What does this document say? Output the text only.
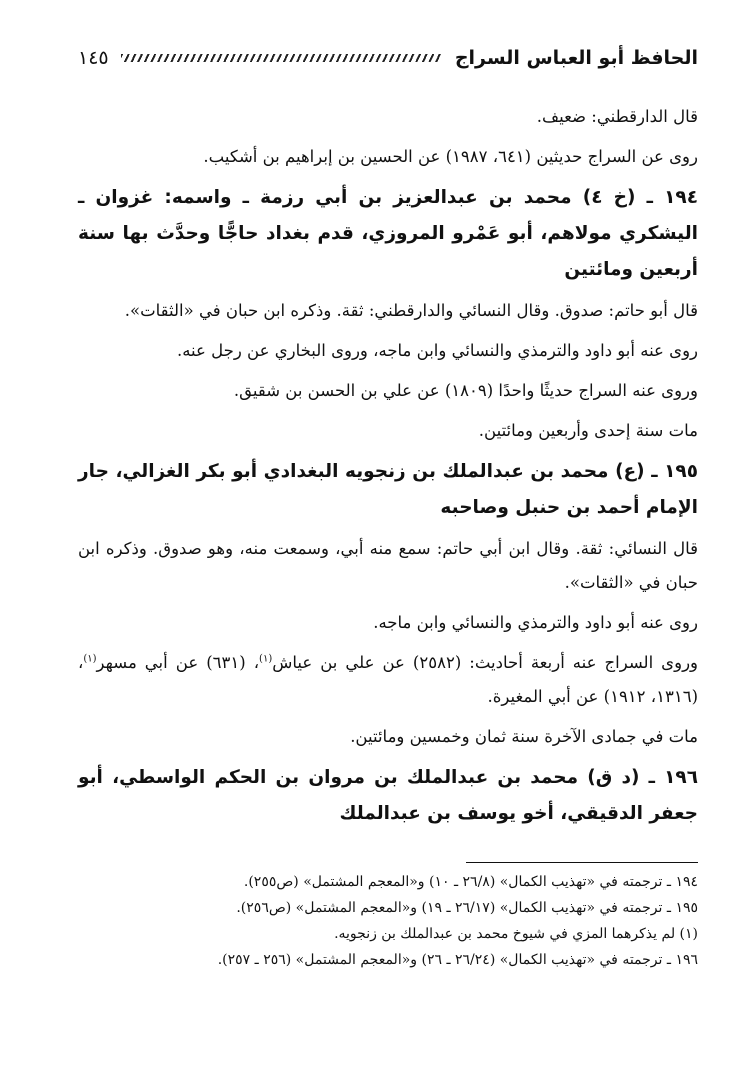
الحافظ أبو العباس السراج
١٤٥

قال الدارقطني: ضعيف.

روى عن السراج حديثين (٦٤١، ١٩٨٧) عن الحسين بن إبراهيم بن أشكيب.

١٩٤ ـ (خ ٤) محمد بن عبدالعزيز بن أبي رزمة ـ واسمه: غزوان ـ اليشكري مولاهم، أبو عَمْرو المروزي، قدم بغداد حاجًّا وحدَّث بها سنة أربعين ومائتين

قال أبو حاتم: صدوق. وقال النسائي والدارقطني: ثقة. وذكره ابن حبان في «الثقات».

روى عنه أبو داود والترمذي والنسائي وابن ماجه، وروى البخاري عن رجل عنه.

وروى عنه السراج حديثًا واحدًا (١٨٠٩) عن علي بن الحسن بن شقيق.

مات سنة إحدى وأربعين ومائتين.

١٩٥ ـ (ع) محمد بن عبدالملك بن زنجويه البغدادي أبو بكر الغزالي، جار الإمام أحمد بن حنبل وصاحبه

قال النسائي: ثقة. وقال ابن أبي حاتم: سمع منه أبي، وسمعت منه، وهو صدوق. وذكره ابن حبان في «الثقات».

روى عنه أبو داود والترمذي والنسائي وابن ماجه.

وروى السراج عنه أربعة أحاديث: (٢٥٨٢) عن علي بن عياش$^{(١)}$، (٦٣١) عن أبي مسهر$^{(١)}$، (١٣١٦، ١٩١٢) عن أبي المغيرة.

مات في جمادى الآخرة سنة ثمان وخمسين ومائتين.

١٩٦ ـ (د ق) محمد بن عبدالملك بن مروان بن الحكم الواسطي، أبو جعفر الدقيقي، أخو يوسف بن عبدالملك

١٩٤ ـ ترجمته في «تهذيب الكمال» (٢٦/٨ ـ ١٠) و«المعجم المشتمل» (ص٢٥٥).

١٩٥ ـ ترجمته في «تهذيب الكمال» (٢٦/١٧ ـ ١٩) و«المعجم المشتمل» (ص٢٥٦).

(١) لم يذكرهما المزي في شيوخ محمد بن عبدالملك بن زنجويه.

١٩٦ ـ ترجمته في «تهذيب الكمال» (٢٦/٢٤ ـ ٢٦) و«المعجم المشتمل» (٢٥٦ ـ ٢٥٧).
